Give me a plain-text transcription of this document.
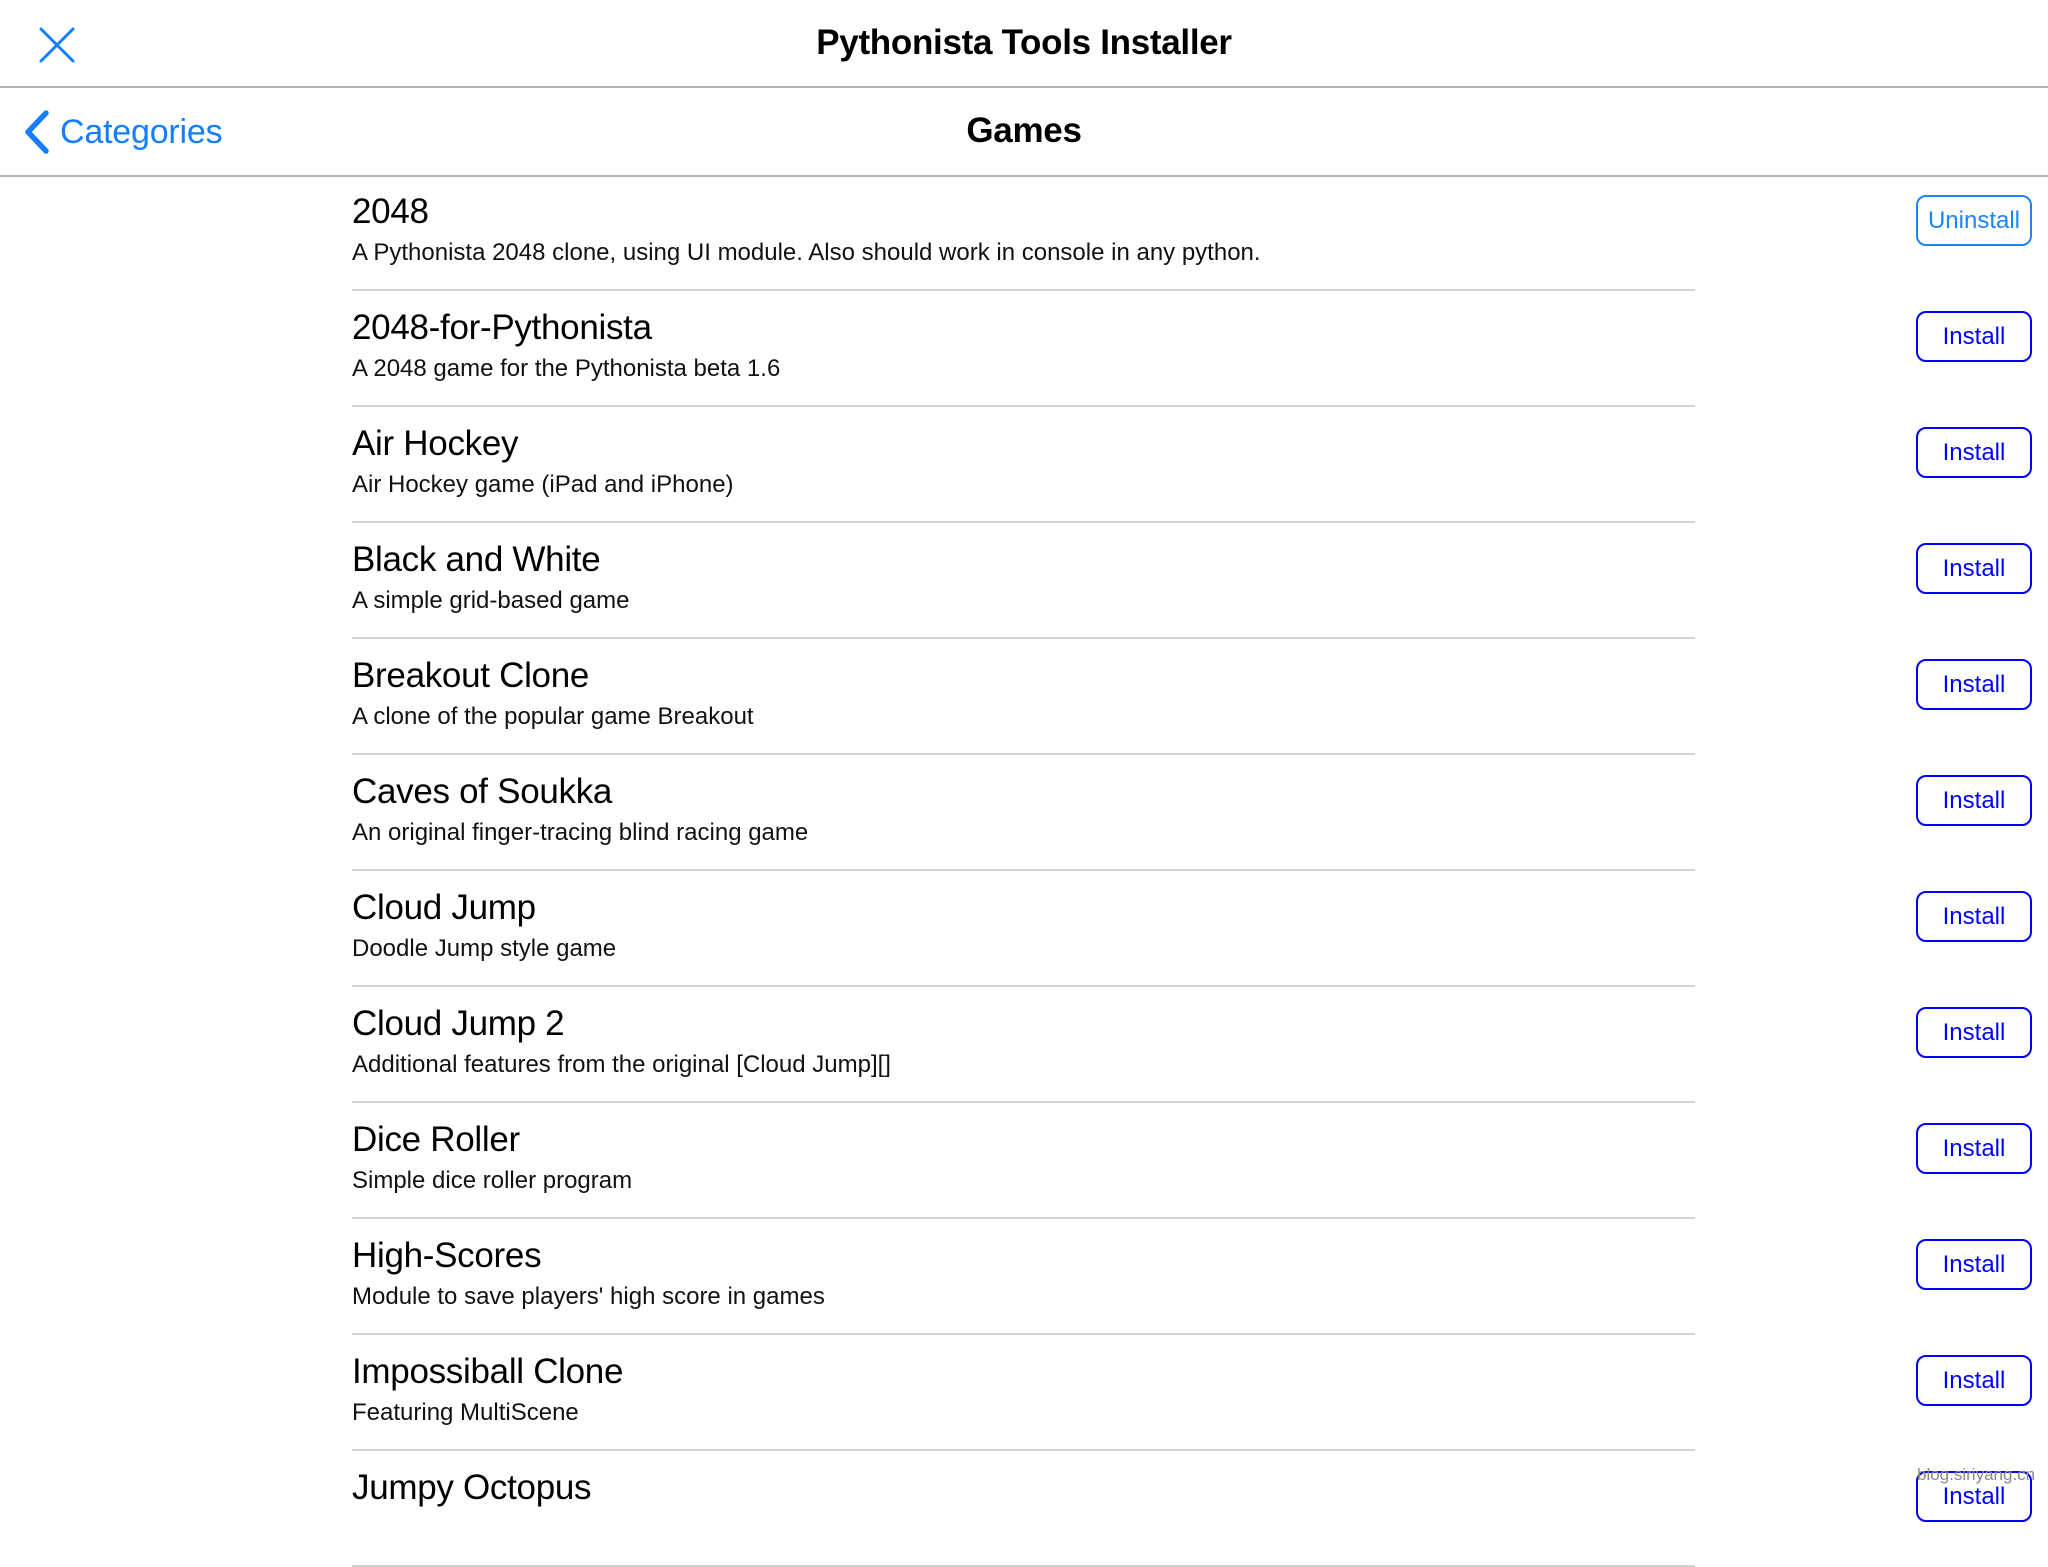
Pythonista Tools Installer
Categories	Games
2048
A Pythonista 2048 clone, using UI module. Also should work in console in any python.
Uninstall
2048-for-Pythonista
A 2048 game for the Pythonista beta 1.6
Install
Air Hockey
Air Hockey game (iPad and iPhone)
Install
Black and White
A simple grid-based game
Install
Breakout Clone
A clone of the popular game Breakout
Install
Caves of Soukka
An original finger-tracing blind racing game
Install
Cloud Jump
Doodle Jump style game
Install
Cloud Jump 2
Additional features from the original [Cloud Jump][]
Install
Dice Roller
Simple dice roller program
Install
High-Scores
Module to save players' high score in games
Install
Impossiball Clone
Featuring MultiScene
Install
Jumpy Octopus	Install
blog.siriyang.cn
